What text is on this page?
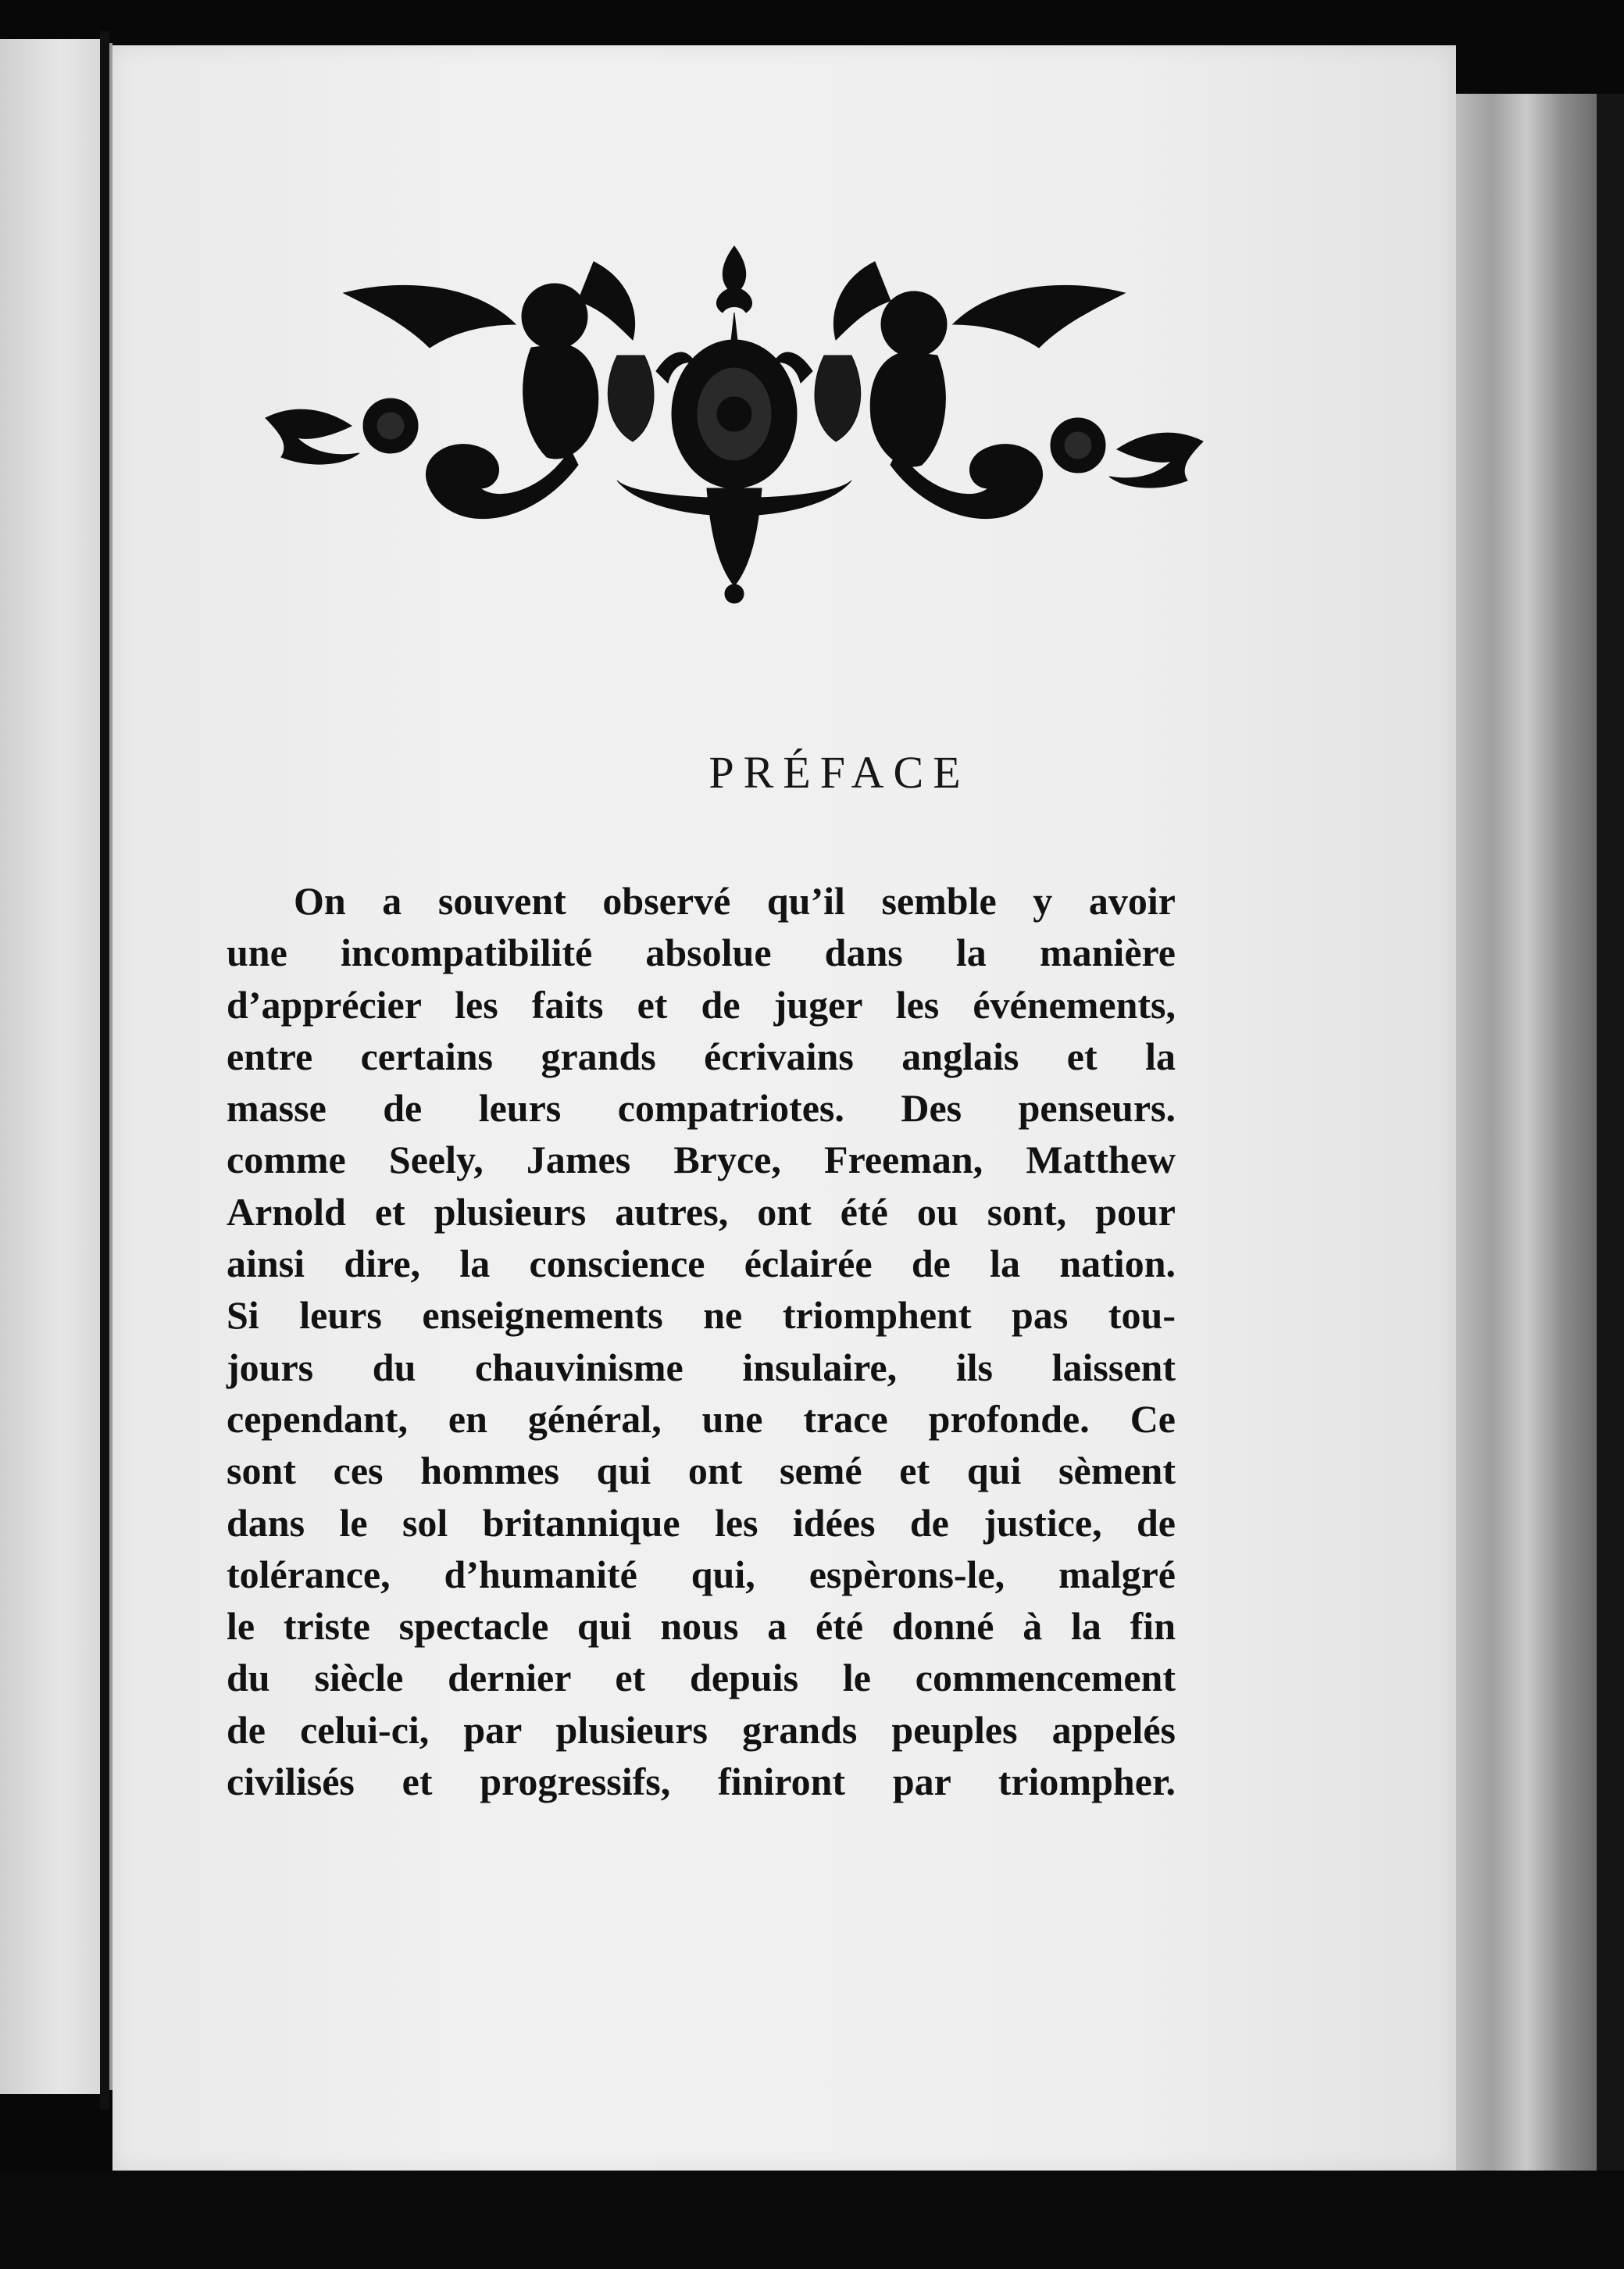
PRÉFACE
On a souvent observé qu’il semble y avoir
une incompatibilité absolue dans la manière
d’apprécier les faits et de juger les événements,
entre certains grands écrivains anglais et la
masse de leurs compatriotes. Des penseurs.
comme Seely, James Bryce, Freeman, Matthew
Arnold et plusieurs autres, ont été ou sont, pour
ainsi dire, la conscience éclairée de la nation.
Si leurs enseignements ne triomphent pas tou-
jours du chauvinisme insulaire, ils laissent
cependant, en général, une trace profonde. Ce
sont ces hommes qui ont semé et qui sèment
dans le sol britannique les idées de justice, de
tolérance, d’humanité qui, espèrons-le, malgré
le triste spectacle qui nous a été donné à la fin
du siècle dernier et depuis le commencement
de celui-ci, par plusieurs grands peuples appelés
civilisés et progressifs, finiront par triompher.
